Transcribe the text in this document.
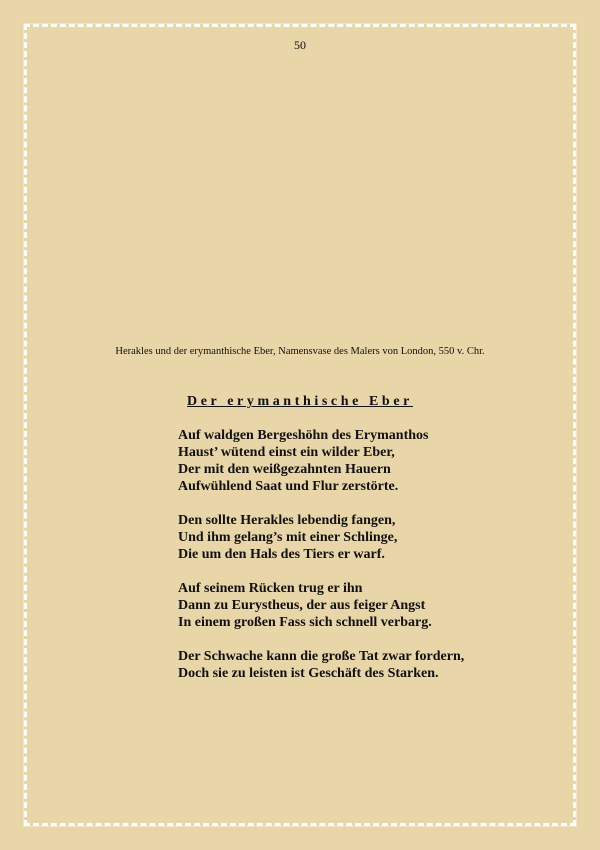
50
Herakles und der erymanthische Eber, Namensvase des Malers von London, 550 v. Chr.
Der erymanthische Eber
Auf waldgen Bergeshöhn des Erymanthos
Haust’ wütend einst ein wilder Eber,
Der mit den weißgezahnten Hauern
Aufwühlend Saat und Flur zerstörte.
Den sollte Herakles lebendig fangen,
Und ihm gelang’s mit einer Schlinge,
Die um den Hals des Tiers er warf.
Auf seinem Rücken trug er ihn
Dann zu Eurystheus, der aus feiger Angst
In einem großen Fass sich schnell verbarg.
Der Schwache kann die große Tat zwar fordern,
Doch sie zu leisten ist Geschäft des Starken.
